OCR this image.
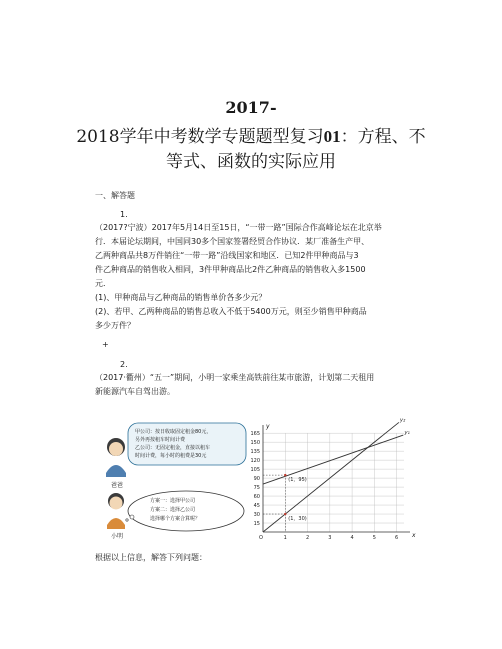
2017-
2018学年中考数学专题题型复习01：方程、不
等式、函数的实际应用
一、解答题
1.
（2017?宁波）2017年5月14日至15日，“一带一路”国际合作高峰论坛在北京举
行．本届论坛期间，中国同30多个国家签署经贸合作协议．某厂准备生产甲、
乙两种商品共8万件销往“一带一路”沿线国家和地区．已知2件甲种商品与3
件乙种商品的销售收入相同，3件甲种商品比2件乙种商品的销售收入多1500
元．
(1)、甲种商品与乙种商品的销售单价各多少元？
(2)、若甲、乙两种商品的销售总收入不低于5400万元，则至少销售甲种商品
多少万件？
+
2.
（2017·衢州）“五一”期间，小明一家乘坐高铁前往某市旅游，计划第二天租用
新能源汽车自驾出游。
爸爸
甲公司：按日收取固定租金80元，
另外再按租车时间计费
乙公司：无固定租金，直接以租车
时间计费，每小时的租费是30元
小明
方案一：选择甲公司
方案二：选择乙公司
选择哪个方案合算呢？
15
30
45
60
75
90
105
120
135
150
165
1	2	3	4	5	6 x
y
O
y₁
y₂
(1，95)
(1，30)
根据以上信息，解答下列问题：
